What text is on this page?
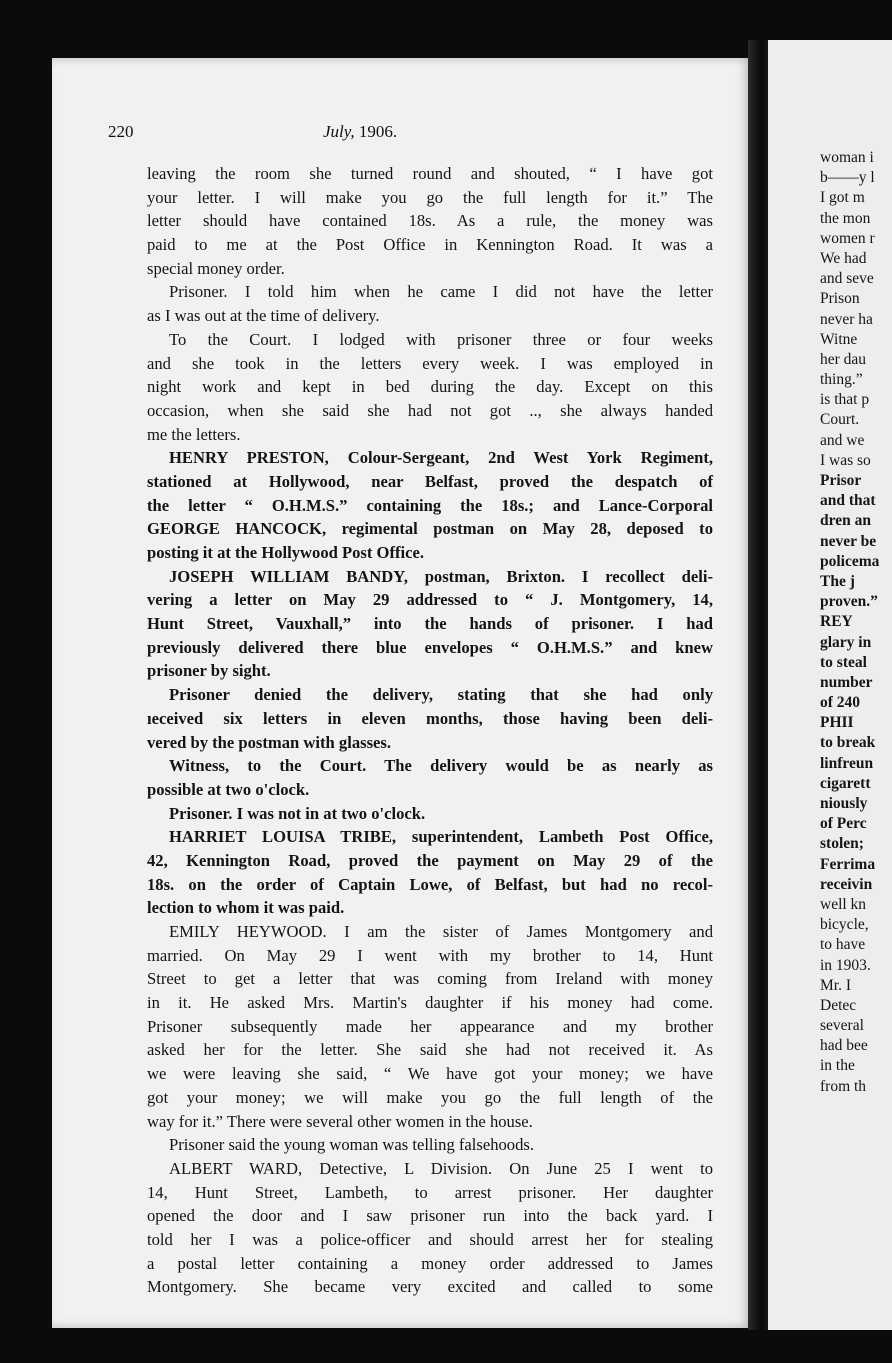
220	July, 1906.
leaving the room she turned round and shouted, “ I have got
your letter. I will make you go the full length for it.” The
letter should have contained 18s. As a rule, the money was
paid to me at the Post Office in Kennington Road. It was a
special money order.
Prisoner. I told him when he came I did not have the letter
as I was out at the time of delivery.
To the Court. I lodged with prisoner three or four weeks
and she took in the letters every week. I was employed in
night work and kept in bed during the day. Except on this
occasion, when she said she had not got .., she always handed
me the letters.
HENRY PRESTON, Colour-Sergeant, 2nd West York Regiment,
stationed at Hollywood, near Belfast, proved the despatch of
the letter “ O.H.M.S.” containing the 18s.; and Lance-Corporal
GEORGE HANCOCK, regimental postman on May 28, deposed to
posting it at the Hollywood Post Office.
JOSEPH WILLIAM BANDY, postman, Brixton. I recollect deli-
vering a letter on May 29 addressed to “ J. Montgomery, 14,
Hunt Street, Vauxhall,” into the hands of prisoner. I had
previously delivered there blue envelopes “ O.H.M.S.” and knew
prisoner by sight.
Prisoner denied the delivery, stating that she had only
ıeceived six letters in eleven months, those having been deli-
vered by the postman with glasses.
Witness, to the Court. The delivery would be as nearly as
possible at two o'clock.
Prisoner. I was not in at two o'clock.
HARRIET LOUISA TRIBE, superintendent, Lambeth Post Office,
42, Kennington Road, proved the payment on May 29 of the
18s. on the order of Captain Lowe, of Belfast, but had no recol-
lection to whom it was paid.
EMILY HEYWOOD. I am the sister of James Montgomery and
married. On May 29 I went with my brother to 14, Hunt
Street to get a letter that was coming from Ireland with money
in it. He asked Mrs. Martin's daughter if his money had come.
Prisoner subsequently made her appearance and my brother
asked her for the letter. She said she had not received it. As
we were leaving she said, “ We have got your money; we have
got your money; we will make you go the full length of the
way for it.” There were several other women in the house.
Prisoner said the young woman was telling falsehoods.
ALBERT WARD, Detective, L Division. On June 25 I went to
14, Hunt Street, Lambeth, to arrest prisoner. Her daughter
opened the door and I saw prisoner run into the back yard. I
told her I was a police-officer and should arrest her for stealing
a postal letter containing a money order addressed to James
Montgomery. She became very excited and called to some
woman i
b——y l
I got m
the mon
women r
We had
and seve
Prison
never ha
Witne
her dau
thing.”
is that p
Court.
and we
I was so
Prisor
and that
dren an
never be
policema
The j
proven.”
REY
glary in
to steal
number
of 240
PHII
to break
linfreun
cigarett
niously
of Perc
stolen;
Ferrima
receivin
well kn
bicycle,
to have
in 1903.
Mr. I
Detec
several
had bee
in the
from th
